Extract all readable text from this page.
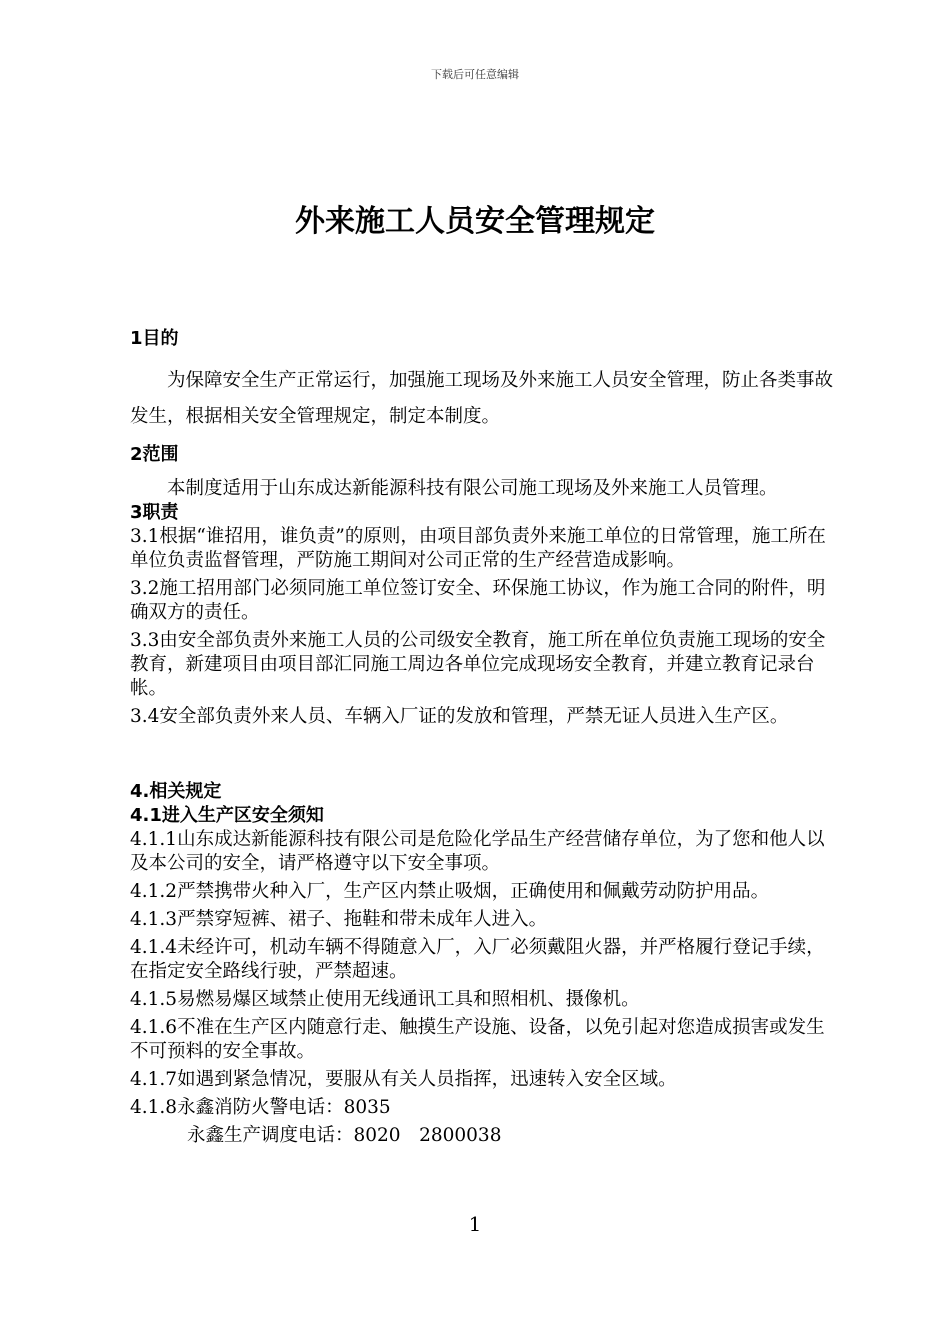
下载后可任意编辑
外来施工人员安全管理规定
1目的
为保障安全生产正常运行，加强施工现场及外来施工人员安全管理，防止各类事故发生，根据相关安全管理规定，制定本制度。
2范围
本制度适用于山东成达新能源科技有限公司施工现场及外来施工人员管理。
3职责
3.1根据“谁招用，谁负责”的原则，由项目部负责外来施工单位的日常管理，施工所在单位负责监督管理，严防施工期间对公司正常的生产经营造成影响。
3.2施工招用部门必须同施工单位签订安全、环保施工协议，作为施工合同的附件，明确双方的责任。
3.3由安全部负责外来施工人员的公司级安全教育，施工所在单位负责施工现场的安全教育，新建项目由项目部汇同施工周边各单位完成现场安全教育，并建立教育记录台帐。
3.4安全部负责外来人员、车辆入厂证的发放和管理，严禁无证人员进入生产区。
4.相关规定
4.1进入生产区安全须知
4.1.1山东成达新能源科技有限公司是危险化学品生产经营储存单位，为了您和他人以及本公司的安全，请严格遵守以下安全事项。
4.1.2严禁携带火种入厂，生产区内禁止吸烟，正确使用和佩戴劳动防护用品。
4.1.3严禁穿短裤、裙子、拖鞋和带未成年人进入。
4.1.4未经许可，机动车辆不得随意入厂，入厂必须戴阻火器，并严格履行登记手续，在指定安全路线行驶，严禁超速。
4.1.5易燃易爆区域禁止使用无线通讯工具和照相机、摄像机。
4.1.6不准在生产区内随意行走、触摸生产设施、设备，以免引起对您造成损害或发生不可预料的安全事故。
4.1.7如遇到紧急情况，要服从有关人员指挥，迅速转入安全区域。
4.1.8永鑫消防火警电话：8035
永鑫生产调度电话：8020　2800038
1
